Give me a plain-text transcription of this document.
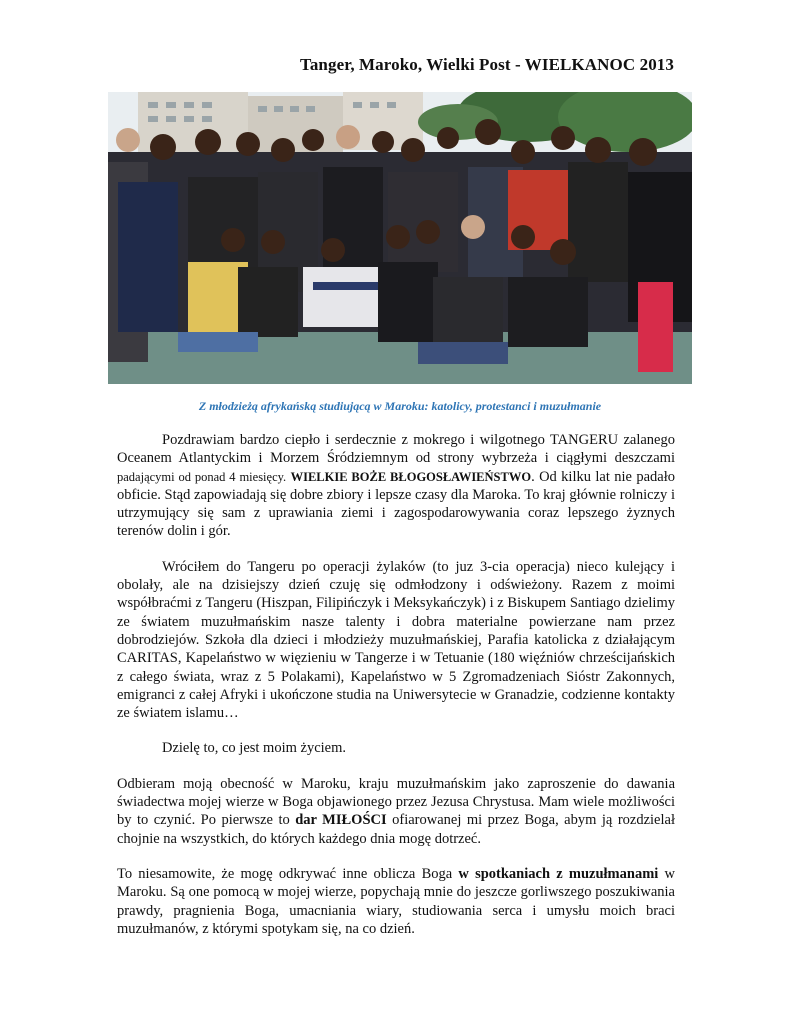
Tanger, Maroko, Wielki Post - WIELKANOC 2013
Z młodzieżą afrykańską studiującą w Maroku: katolicy, protestanci i muzułmanie

Pozdrawiam bardzo ciepło i serdecznie z mokrego i wilgotnego TANGERU zalanego Oceanem Atlantyckim i Morzem Śródziemnym od strony wybrzeża i ciągłymi deszczami padającymi od ponad 4 miesięcy. WIELKIE BOŻE BŁOGOSŁAWIEŃSTWO. Od kilku lat nie padało obficie. Stąd zapowiadają się dobre zbiory i lepsze czasy dla Maroka. To kraj głównie rolniczy i utrzymujący się sam z uprawiania ziemi i zagospodarowywania coraz lepszego żyznych terenów dolin i gór.

Wróciłem do Tangeru po operacji żylaków (to juz 3-cia operacja) nieco kulejący i obolały, ale na dzisiejszy dzień czuję się odmłodzony i odświeżony. Razem z moimi współbraćmi z Tangeru (Hiszpan, Filipińczyk i Meksykańczyk) i z Biskupem Santiago dzielimy ze światem muzułmańskim nasze talenty i dobra materialne powierzane nam przez dobrodziejów. Szkoła dla dzieci i młodzieży muzułmańskiej, Parafia katolicka z działającym CARITAS, Kapelaństwo w więzieniu w Tangerze i w Tetuanie (180 więźniów chrześcijańskich z całego świata, wraz z 5 Polakami), Kapelaństwo w 5 Zgromadzeniach Sióstr Zakonnych, emigranci z całej Afryki i ukończone studia na Uniwersytecie w Granadzie, codzienne kontakty ze światem islamu…

Dzielę to, co jest moim życiem.

Odbieram moją obecność w Maroku, kraju muzułmańskim jako zaproszenie do dawania świadectwa mojej wierze w Boga objawionego przez Jezusa Chrystusa. Mam wiele możliwości by to czynić. Po pierwsze to dar MIŁOŚCI ofiarowanej mi przez Boga, abym ją rozdzielał chojnie na wszystkich, do których każdego dnia mogę dotrzeć.

To niesamowite, że mogę odkrywać inne oblicza Boga w spotkaniach z muzułmanami w Maroku. Są one pomocą w mojej wierze, popychają mnie do jeszcze gorliwszego poszukiwania prawdy, pragnienia Boga, umacniania wiary, studiowania serca i umysłu moich braci muzułmanów, z którymi spotykam się, na co dzień.
